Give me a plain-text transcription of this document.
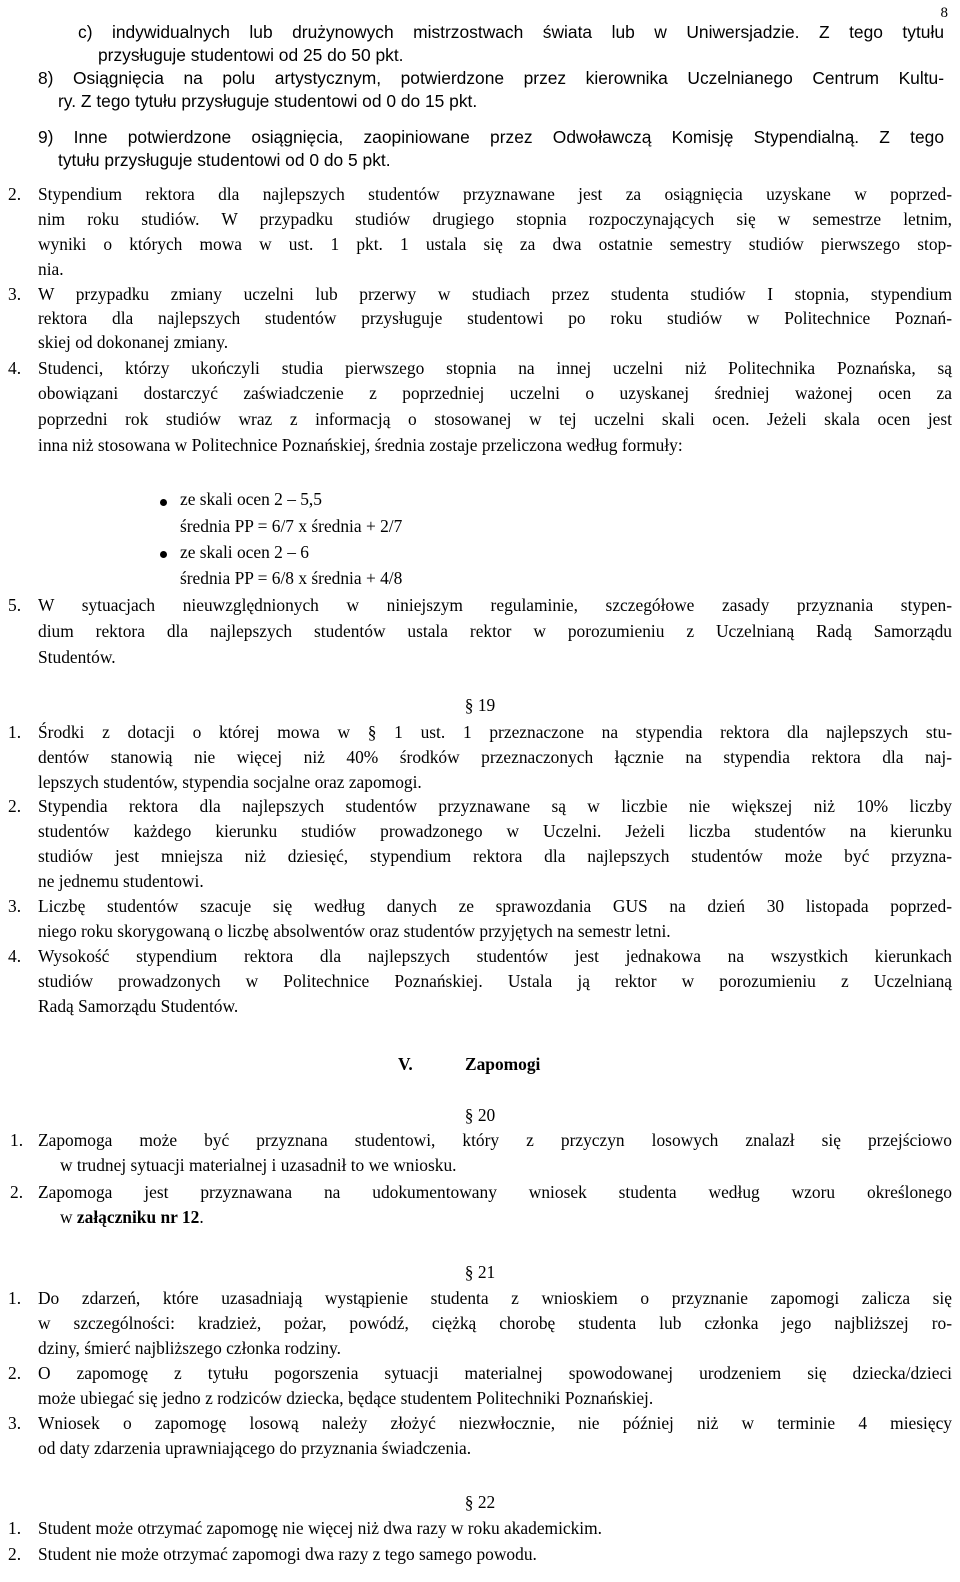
8
c) indywidualnych lub drużynowych mistrzostwach świata lub w Uniwersjadzie. Z tego tytułu
przysługuje studentowi od 25 do 50 pkt.
8) Osiągnięcia na polu artystycznym, potwierdzone przez kierownika Uczelnianego Centrum Kultu-
ry. Z tego tytułu przysługuje studentowi od 0 do 15 pkt.
9) Inne potwierdzone osiągnięcia, zaopiniowane przez Odwoławczą Komisję Stypendialną. Z tego
tytułu przysługuje studentowi od 0 do 5 pkt.
2. Stypendium rektora dla najlepszych studentów przyznawane jest za osiągnięcia uzyskane w poprzed-
nim roku studiów. W przypadku studiów drugiego stopnia rozpoczynających się w semestrze letnim,
wyniki o których mowa w ust. 1 pkt. 1 ustala się za dwa ostatnie semestry studiów pierwszego stop-
nia.
3. W przypadku zmiany uczelni lub przerwy w studiach przez studenta studiów I stopnia, stypendium
rektora dla najlepszych studentów przysługuje studentowi po roku studiów w Politechnice Poznań-
skiej od dokonanej zmiany.
4. Studenci, którzy ukończyli studia pierwszego stopnia na innej uczelni niż Politechnika Poznańska, są
obowiązani dostarczyć zaświadczenie z poprzedniej uczelni o uzyskanej średniej ważonej ocen za
poprzedni rok studiów wraz z informacją o stosowanej w tej uczelni skali ocen. Jeżeli skala ocen jest
inna niż stosowana w Politechnice Poznańskiej, średnia zostaje przeliczona według formuły:
ze skali ocen 2 – 5,5
średnia PP = 6/7 x średnia + 2/7
ze skali ocen 2 – 6
średnia PP = 6/8 x średnia + 4/8
5. W sytuacjach nieuwzględnionych w niniejszym regulaminie, szczegółowe zasady przyznania stypen-
dium rektora dla najlepszych studentów ustala rektor w porozumieniu z Uczelnianą Radą Samorządu
Studentów.
§ 19
1. Środki z dotacji o której mowa w § 1 ust. 1 przeznaczone na stypendia rektora dla najlepszych stu-
dentów stanowią nie więcej niż 40% środków przeznaczonych łącznie na stypendia rektora dla naj-
lepszych studentów, stypendia socjalne oraz zapomogi.
2. Stypendia rektora dla najlepszych studentów przyznawane są w liczbie nie większej niż 10% liczby
studentów każdego kierunku studiów prowadzonego w Uczelni. Jeżeli liczba studentów na kierunku
studiów jest mniejsza niż dziesięć, stypendium rektora dla najlepszych studentów może być przyzna-
ne jednemu studentowi.
3. Liczbę studentów szacuje się według danych ze sprawozdania GUS na dzień 30 listopada poprzed-
niego roku skorygowaną o liczbę absolwentów oraz studentów przyjętych na semestr letni.
4. Wysokość stypendium rektora dla najlepszych studentów jest jednakowa na wszystkich kierunkach
studiów prowadzonych w Politechnice Poznańskiej. Ustala ją rektor w porozumieniu z Uczelnianą
Radą Samorządu Studentów.
V.	Zapomogi
§ 20
1. Zapomoga może być przyznana studentowi, który z przyczyn losowych znalazł się przejściowo
w trudnej sytuacji materialnej i uzasadnił to we wniosku.
2. Zapomoga jest przyznawana na udokumentowany wniosek studenta według wzoru określonego
w załączniku nr 12.
§ 21
1. Do zdarzeń, które uzasadniają wystąpienie studenta z wnioskiem o przyznanie zapomogi zalicza się
w szczególności: kradzież, pożar, powódź, ciężką chorobę studenta lub członka jego najbliższej ro-
dziny, śmierć najbliższego członka rodziny.
2. O zapomogę z tytułu pogorszenia sytuacji materialnej spowodowanej urodzeniem się dziecka/dzieci
może ubiegać się jedno z rodziców dziecka, będące studentem Politechniki Poznańskiej.
3. Wniosek o zapomogę losową należy złożyć niezwłocznie, nie później niż w terminie 4 miesięcy
od daty zdarzenia uprawniającego do przyznania świadczenia.
§ 22
1. Student może otrzymać zapomogę nie więcej niż dwa razy w roku akademickim.
2. Student nie może otrzymać zapomogi dwa razy z tego samego powodu.
